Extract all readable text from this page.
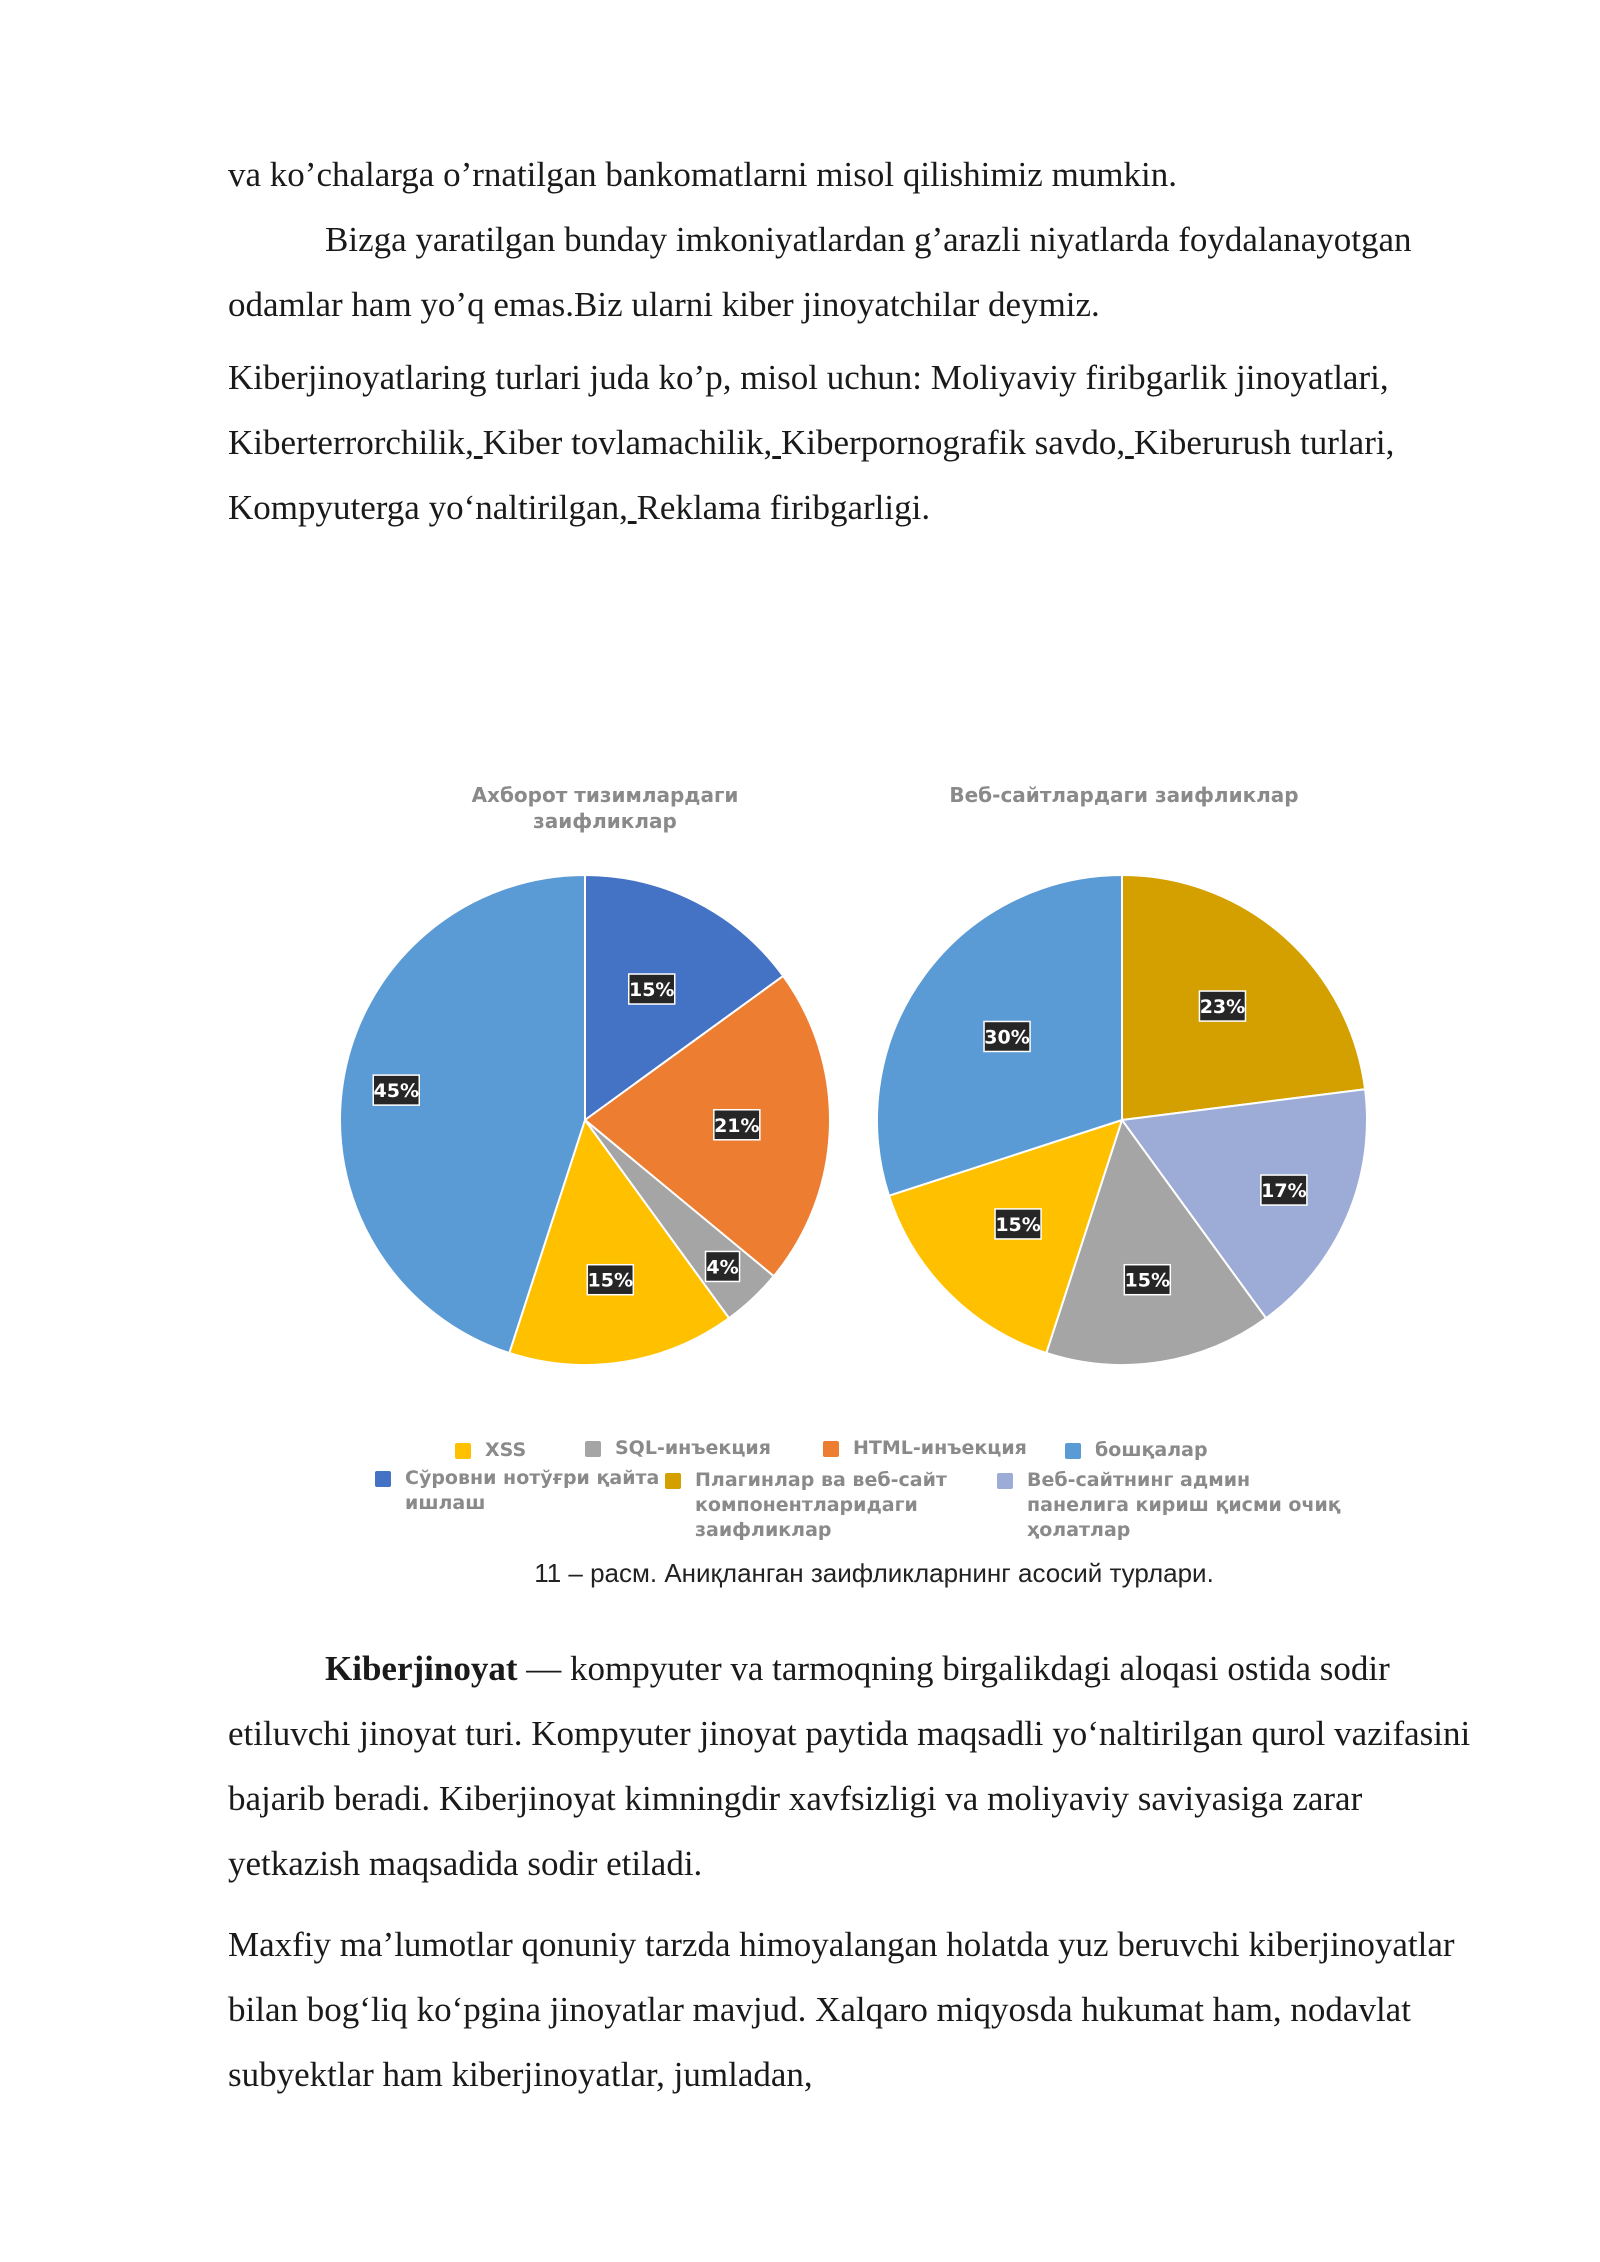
va ko’chalarga o’rnatilgan bankomatlarni misol qilishimiz mumkin.

Bizga yaratilgan bunday imkoniyatlardan g’arazli niyatlarda foydalanayotgan odamlar ham yo’q emas.Biz ularni kiber jinoyatchilar deymiz.

Kiberjinoyatlaring turlari juda ko’p, misol uchun: Moliyaviy firibgarlik jinoyatlari, Kiberterrorchilik, Kiber tovlamachilik, Kiberpornografik savdo, Kiberurush turlari, Kompyuterga yo‘naltirilgan, Reklama firibgarligi.

Ахборот тизимлардаги
заифликлар
Веб-сайтлардаги заифликлар
15%
21%
4%
15%
45%
23%
17%
15%
15%
30%
XSS	SQL-инъекция	HTML-инъекция	бошқалар
Сўровни нотўғри қайта
ишлаш
Плагинлар ва веб-сайт
компонентларидаги
заифликлар
Веб-сайтнинг админ
панелига кириш қисми очиқ
ҳолатлар
11 – расм. Аниқланган заифликларнинг асосий турлари.

Kiberjinoyat — kompyuter va tarmoqning birgalikdagi aloqasi ostida sodir etiluvchi jinoyat turi. Kompyuter jinoyat paytida maqsadli yo‘naltirilgan qurol vazifasini bajarib beradi. Kiberjinoyat kimningdir xavfsizligi va moliyaviy saviyasiga zarar yetkazish maqsadida sodir etiladi.

Maxfiy ma’lumotlar qonuniy tarzda himoyalangan holatda yuz beruvchi kiberjinoyatlar bilan bog‘liq ko‘pgina jinoyatlar mavjud. Xalqaro miqyosda hukumat ham, nodavlat subyektlar ham kiberjinoyatlar, jumladan,
